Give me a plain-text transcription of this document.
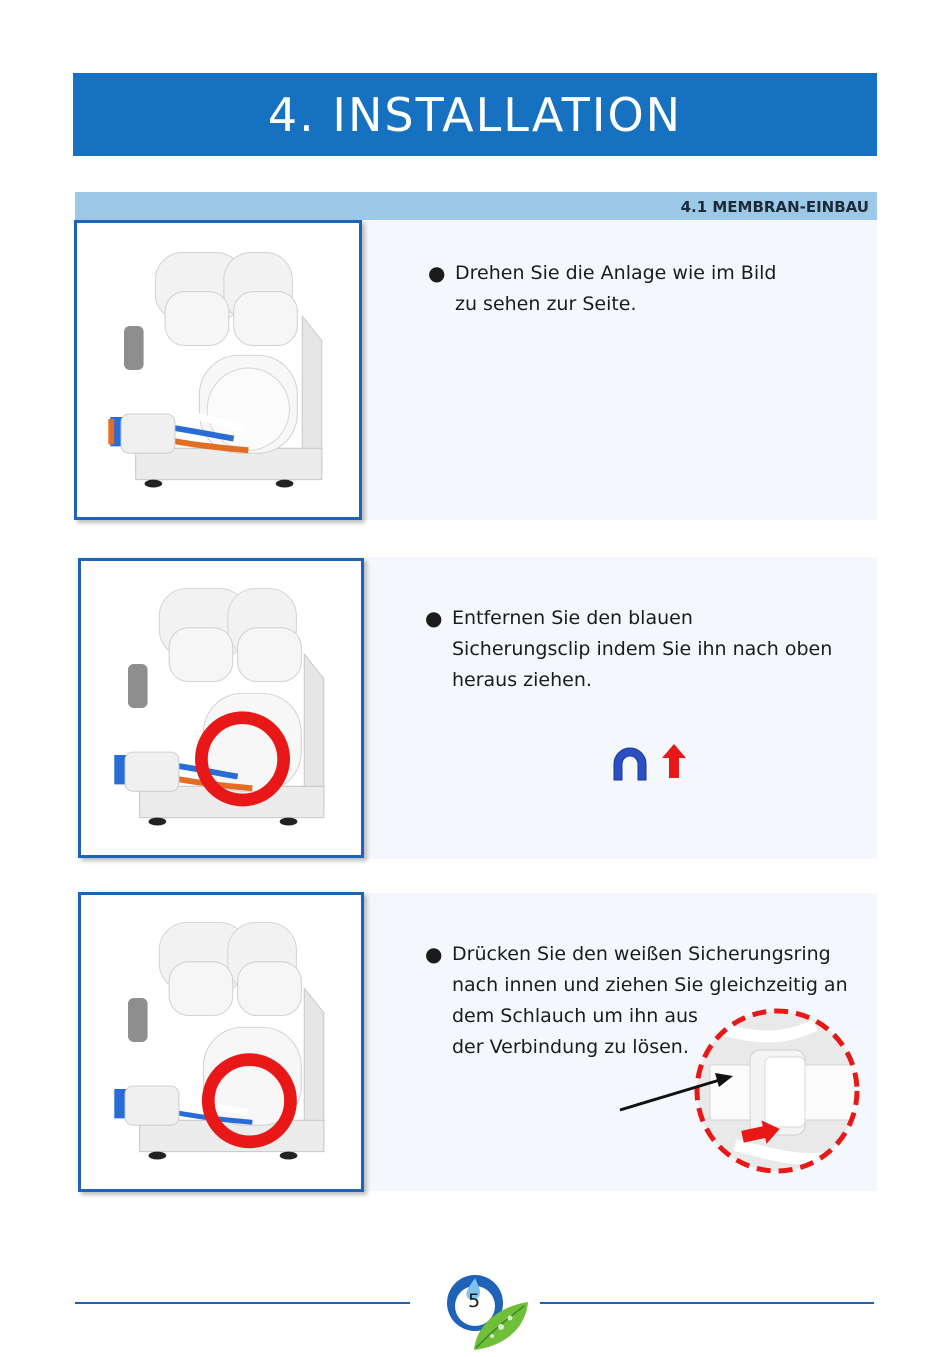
4. INSTALLATION
4.1 MEMBRAN-EINBAU
● Drehen Sie die Anlage wie im Bild
zu sehen zur Seite.
● Entfernen Sie den blauen
Sicherungsclip indem Sie ihn nach oben
heraus ziehen.
● Drücken Sie den weißen Sicherungsring
nach innen und ziehen Sie gleichzeitig an
dem Schlauch um ihn aus
der Verbindung zu lösen.
5
